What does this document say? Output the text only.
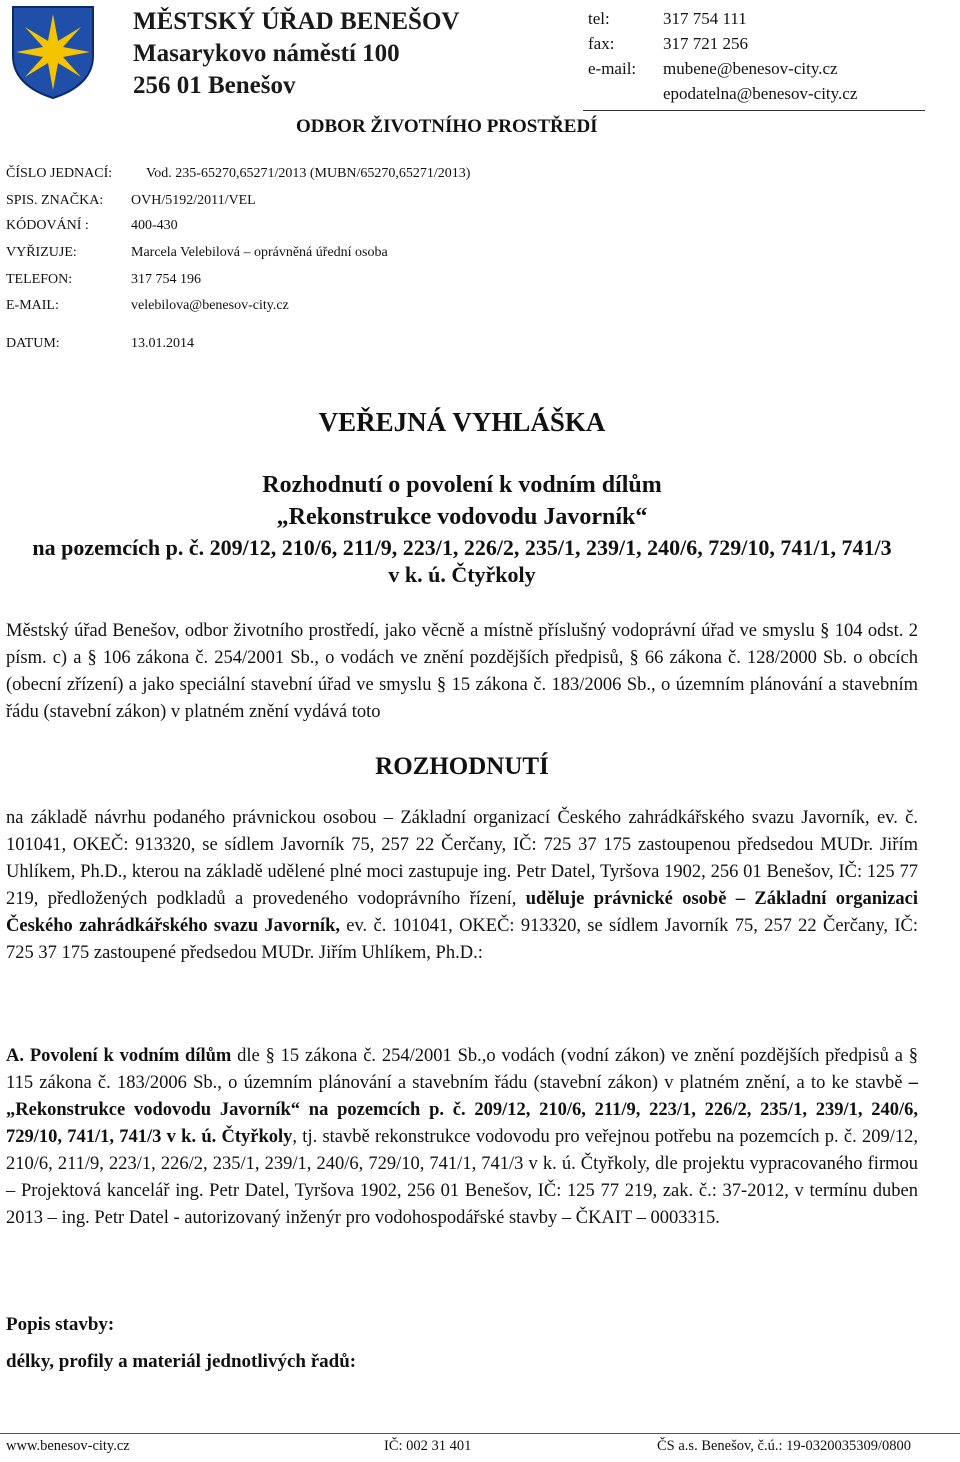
MĚSTSKÝ ÚŘAD BENEŠOV
Masarykovo náměstí 100
256 01 Benešov
tel:	317 754 111
fax:	317 721 256
e-mail:	mubene@benesov-city.cz
epodatelna@benesov-city.cz
ODBOR ŽIVOTNÍHO PROSTŘEDÍ
ČÍSLO JEDNACÍ: Vod. 235-65270,65271/2013 (MUBN/65270,65271/2013)
SPIS. ZNAČKA: OVH/5192/2011/VEL
KÓDOVÁNÍ :	400-430
VYŘIZUJE:	Marcela Velebilová – oprávněná úřední osoba
TELEFON:	317 754 196
E-MAIL:	velebilova@benesov-city.cz
DATUM:	13.01.2014
VEŘEJNÁ VYHLÁŠKA
Rozhodnutí o povolení k vodním dílům
„Rekonstrukce vodovodu Javorník“
na pozemcích p. č. 209/12, 210/6, 211/9, 223/1, 226/2, 235/1, 239/1, 240/6, 729/10, 741/1, 741/3
v k. ú. Čtyřkoly

Městský úřad Benešov, odbor životního prostředí, jako věcně a místně příslušný vodoprávní úřad ve smyslu § 104 odst. 2 písm. c) a § 106 zákona č. 254/2001 Sb., o vodách ve znění pozdějších předpisů, § 66 zákona č. 128/2000 Sb. o obcích (obecní zřízení) a jako speciální stavební úřad ve smyslu § 15 zákona č. 183/2006 Sb., o územním plánování a stavebním řádu (stavební zákon) v platném znění vydává toto

ROZHODNUTÍ

na základě návrhu podaného právnickou osobou – Základní organizací Českého zahrádkářského svazu Javorník, ev. č. 101041, OKEČ: 913320, se sídlem Javorník 75, 257 22 Čerčany, IČ: 725 37 175 zastoupenou předsedou MUDr. Jiřím Uhlíkem, Ph.D., kterou na základě udělené plné moci zastupuje ing. Petr Datel, Tyršova 1902, 256 01 Benešov, IČ: 125 77 219, předložených podkladů a provedeného vodoprávního řízení, uděluje právnické osobě – Základní organizaci Českého zahrádkářského svazu Javorník, ev. č. 101041, OKEČ: 913320, se sídlem Javorník 75, 257 22 Čerčany, IČ: 725 37 175 zastoupené předsedou MUDr. Jiřím Uhlíkem, Ph.D.:

A. Povolení k vodním dílům dle § 15 zákona č. 254/2001 Sb.,o vodách (vodní zákon) ve znění pozdějších předpisů a § 115 zákona č. 183/2006 Sb., o územním plánování a stavebním řádu (stavební zákon) v platném znění, a to ke stavbě – „Rekonstrukce vodovodu Javorník“ na pozemcích p. č. 209/12, 210/6, 211/9, 223/1, 226/2, 235/1, 239/1, 240/6, 729/10, 741/1, 741/3 v k. ú. Čtyřkoly, tj. stavbě rekonstrukce vodovodu pro veřejnou potřebu na pozemcích p. č. 209/12, 210/6, 211/9, 223/1, 226/2, 235/1, 239/1, 240/6, 729/10, 741/1, 741/3 v k. ú. Čtyřkoly, dle projektu vypracovaného firmou – Projektová kancelář ing. Petr Datel, Tyršova 1902, 256 01 Benešov, IČ: 125 77 219, zak. č.: 37-2012, v termínu duben 2013 – ing. Petr Datel - autorizovaný inženýr pro vodohospodářské stavby – ČKAIT – 0003315.

Popis stavby:
délky, profily a materiál jednotlivých řadů:
www.benesov-city.cz	IČ: 002 31 401	ČS a.s. Benešov, č.ú.: 19-0320035309/0800
